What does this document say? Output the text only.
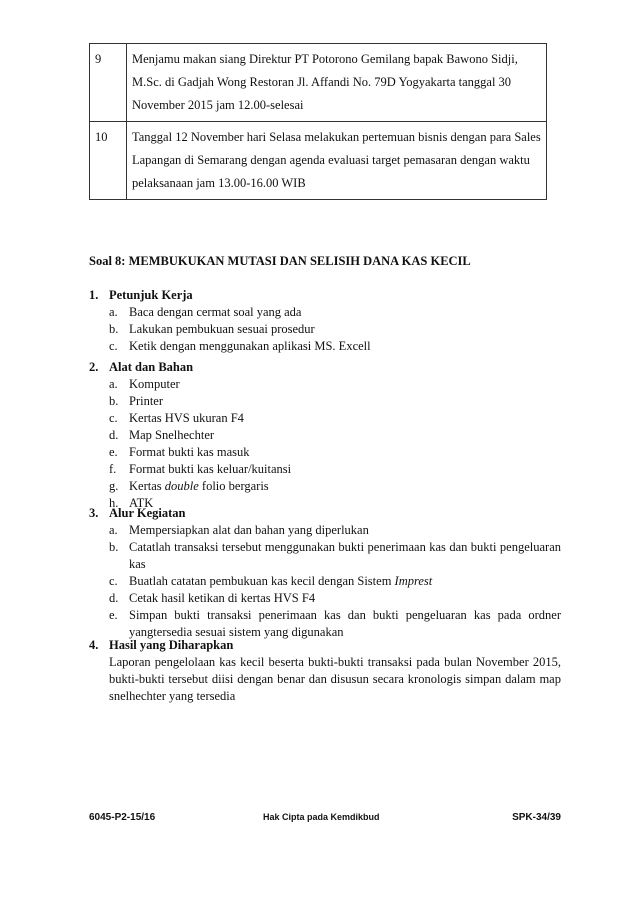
9	Menjamu makan siang Direktur PT Potorono Gemilang bapak Bawono Sidji, M.Sc. di Gadjah Wong Restoran Jl. Affandi No. 79D Yogyakarta tanggal 30 November 2015 jam 12.00-selesai
10	Tanggal 12 November hari Selasa melakukan pertemuan bisnis dengan para Sales Lapangan di Semarang dengan agenda evaluasi target pemasaran dengan waktu pelaksanaan jam 13.00-16.00 WIB
Soal 8: MEMBUKUKAN MUTASI DAN SELISIH DANA KAS KECIL
1. Petunjuk Kerja
a. Baca dengan cermat soal yang ada
b. Lakukan pembukuan sesuai prosedur
c. Ketik dengan menggunakan aplikasi MS. Excell
2. Alat dan Bahan
a. Komputer
b. Printer
c. Kertas HVS ukuran F4
d. Map Snelhechter
e. Format bukti kas masuk
f. Format bukti kas keluar/kuitansi
g. Kertas double folio bergaris
h. ATK
3. Alur Kegiatan
a. Mempersiapkan alat dan bahan yang diperlukan
b. Catatlah transaksi tersebut menggunakan bukti penerimaan kas dan bukti pengeluaran kas
c. Buatlah catatan pembukuan kas kecil dengan Sistem Imprest
d. Cetak hasil ketikan di kertas HVS F4
e. Simpan bukti transaksi penerimaan kas dan bukti pengeluaran kas pada ordner yangtersedia sesuai sistem yang digunakan
4. Hasil yang Diharapkan
Laporan pengelolaan kas kecil beserta bukti-bukti transaksi pada bulan November 2015, bukti-bukti tersebut diisi dengan benar dan disusun secara kronologis simpan dalam map snelhechter yang tersedia
6045-P2-15/16	Hak Cipta pada Kemdikbud	SPK-34/39
